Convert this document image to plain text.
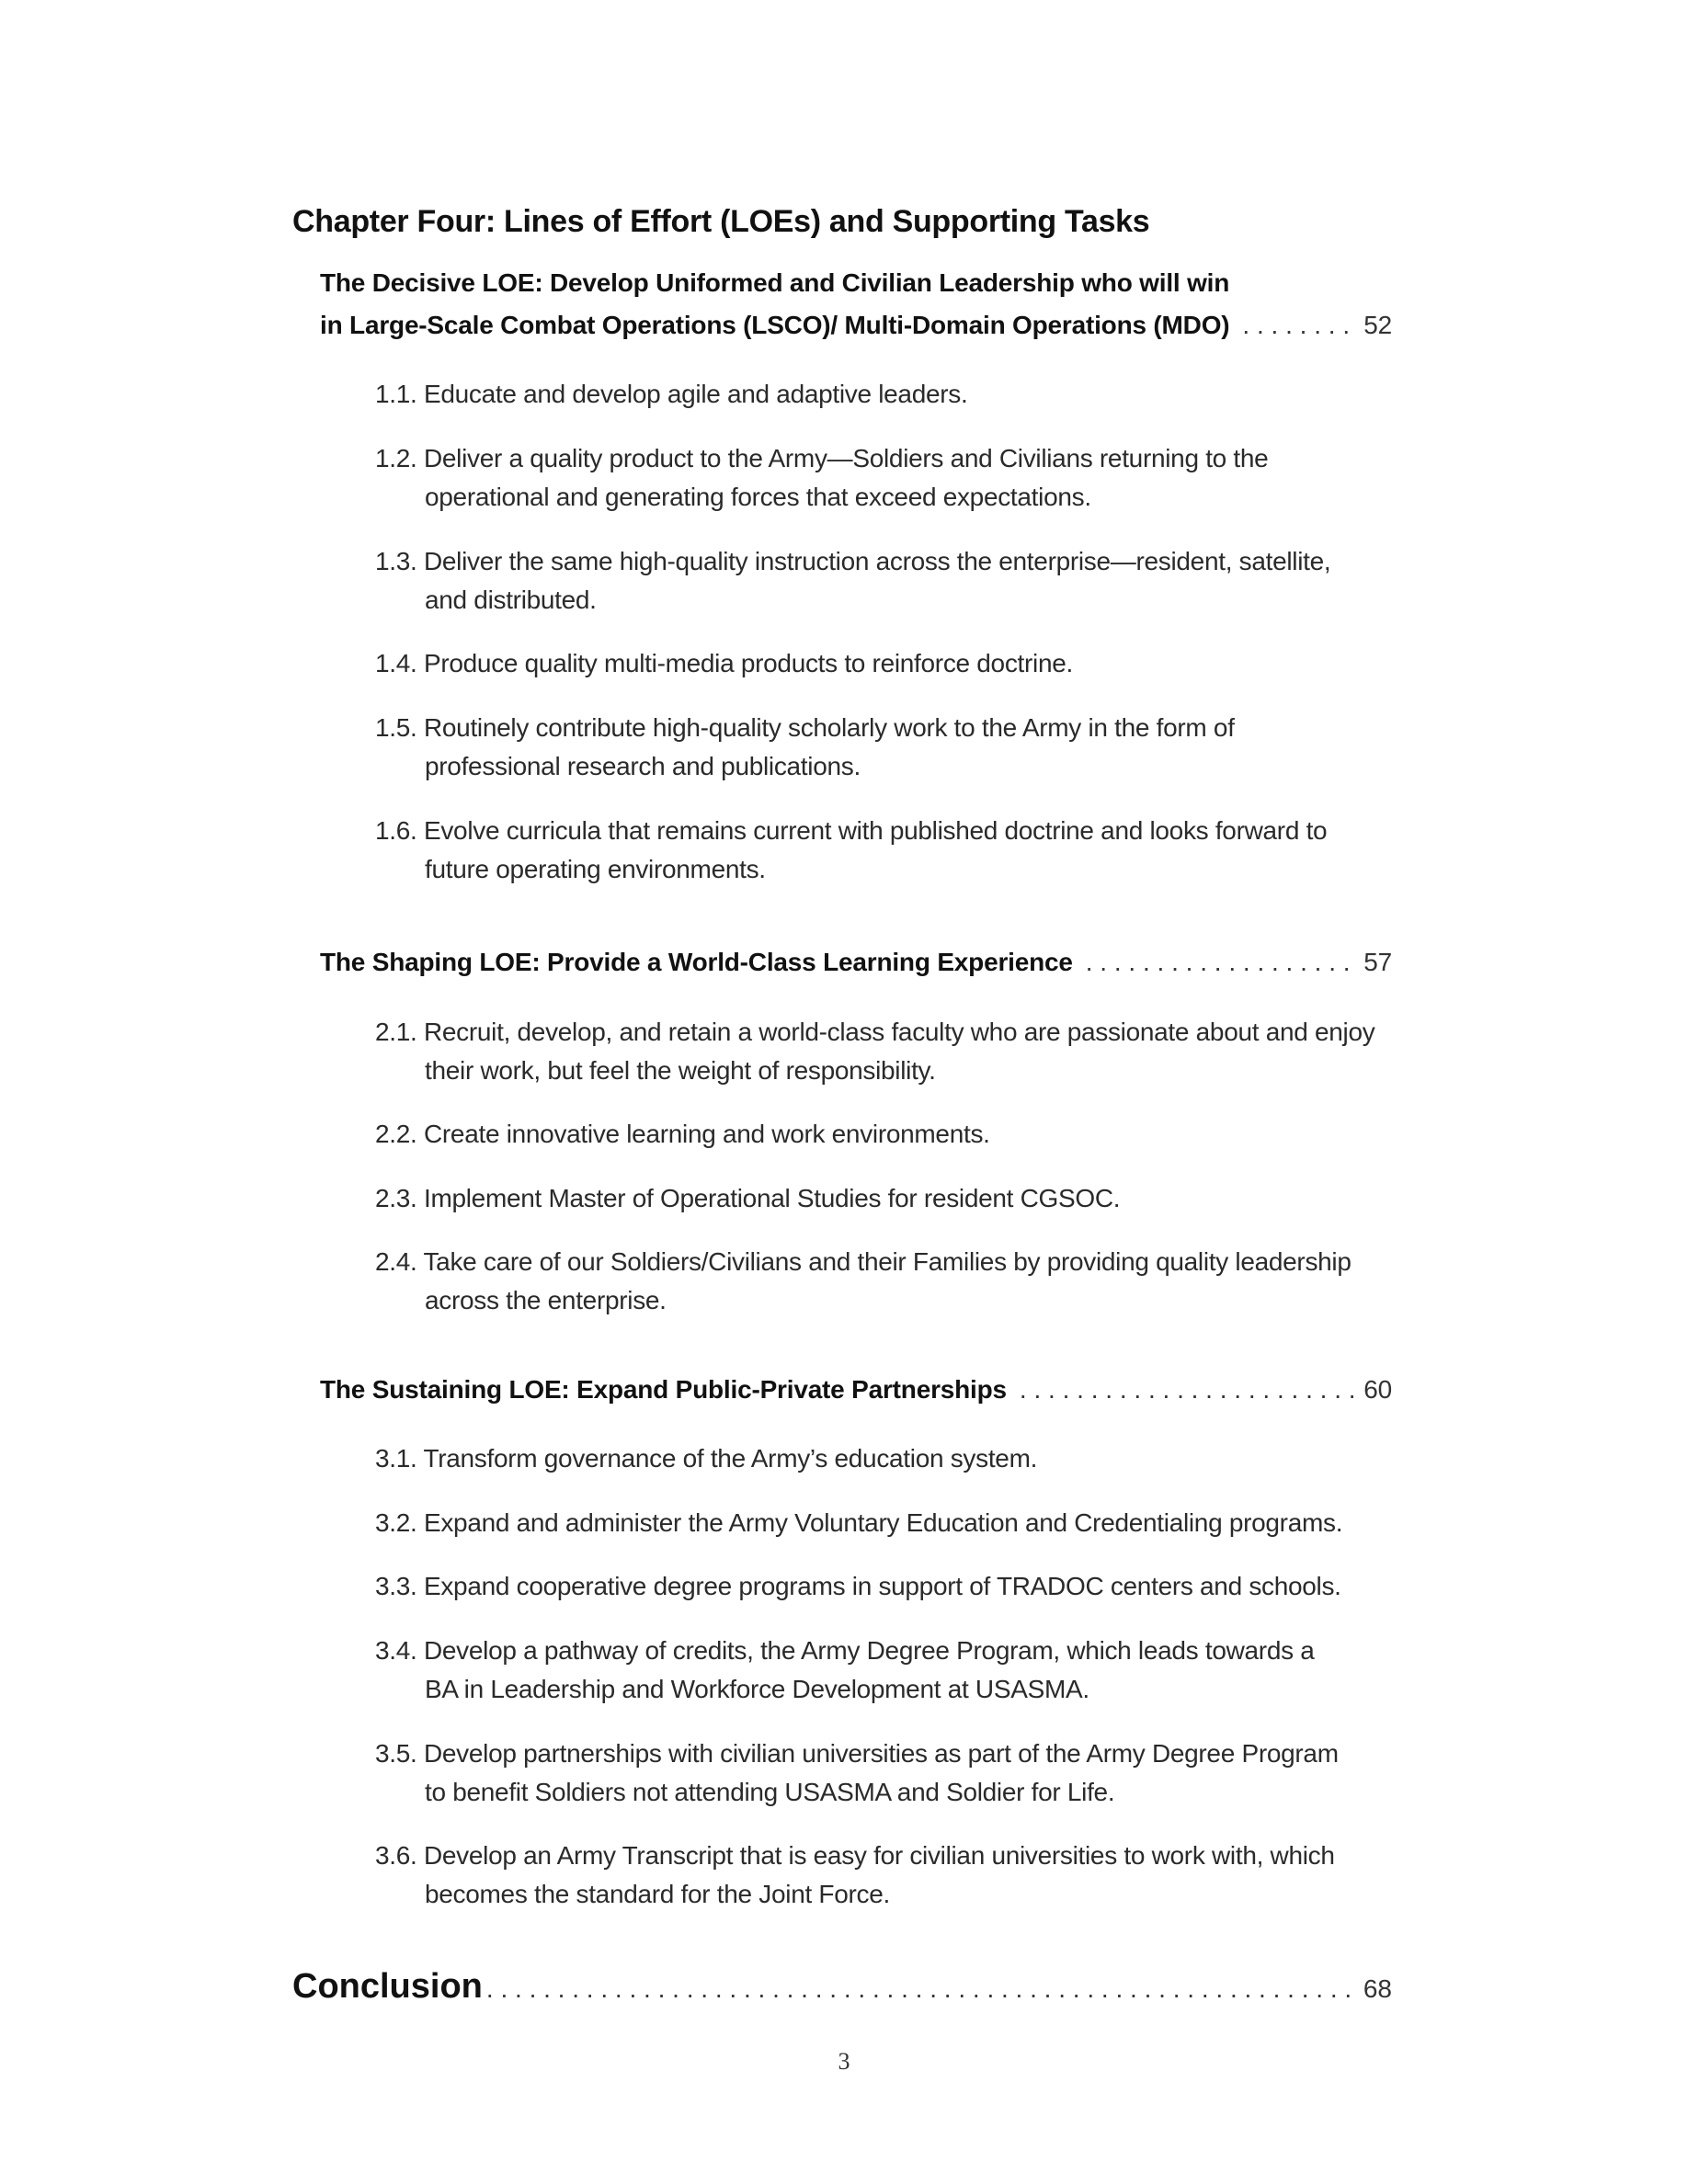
Chapter Four: Lines of Effort (LOEs) and Supporting Tasks
The Decisive LOE: Develop Uniformed and Civilian Leadership who will win
in Large-Scale Combat Operations (LSCO)/ Multi-Domain Operations (MDO) . . .	52
1.1. Educate and develop agile and adaptive leaders.
1.2. Deliver a quality product to the Army—Soldiers and Civilians returning to the
operational and generating forces that exceed expectations.
1.3. Deliver the same high-quality instruction across the enterprise—resident, satellite,
and distributed.
1.4. Produce quality multi-media products to reinforce doctrine.
1.5. Routinely contribute high-quality scholarly work to the Army in the form of
professional research and publications.
1.6. Evolve curricula that remains current with published doctrine and looks forward to
future operating environments.
The Shaping LOE: Provide a World-Class Learning Experience . . .	57
2.1. Recruit, develop, and retain a world-class faculty who are passionate about and enjoy
their work, but feel the weight of responsibility.
2.2. Create innovative learning and work environments.
2.3. Implement Master of Operational Studies for resident CGSOC.
2.4. Take care of our Soldiers/Civilians and their Families by providing quality leadership
across the enterprise.
The Sustaining LOE: Expand Public-Private Partnerships . . .	60
3.1. Transform governance of the Army’s education system.
3.2. Expand and administer the Army Voluntary Education and Credentialing programs.
3.3. Expand cooperative degree programs in support of TRADOC centers and schools.
3.4. Develop a pathway of credits, the Army Degree Program, which leads towards a
BA in Leadership and Workforce Development at USASMA.
3.5. Develop partnerships with civilian universities as part of the Army Degree Program
to benefit Soldiers not attending USASMA and Soldier for Life.
3.6. Develop an Army Transcript that is easy for civilian universities to work with, which
becomes the standard for the Joint Force.
Conclusion . . .	68
3
